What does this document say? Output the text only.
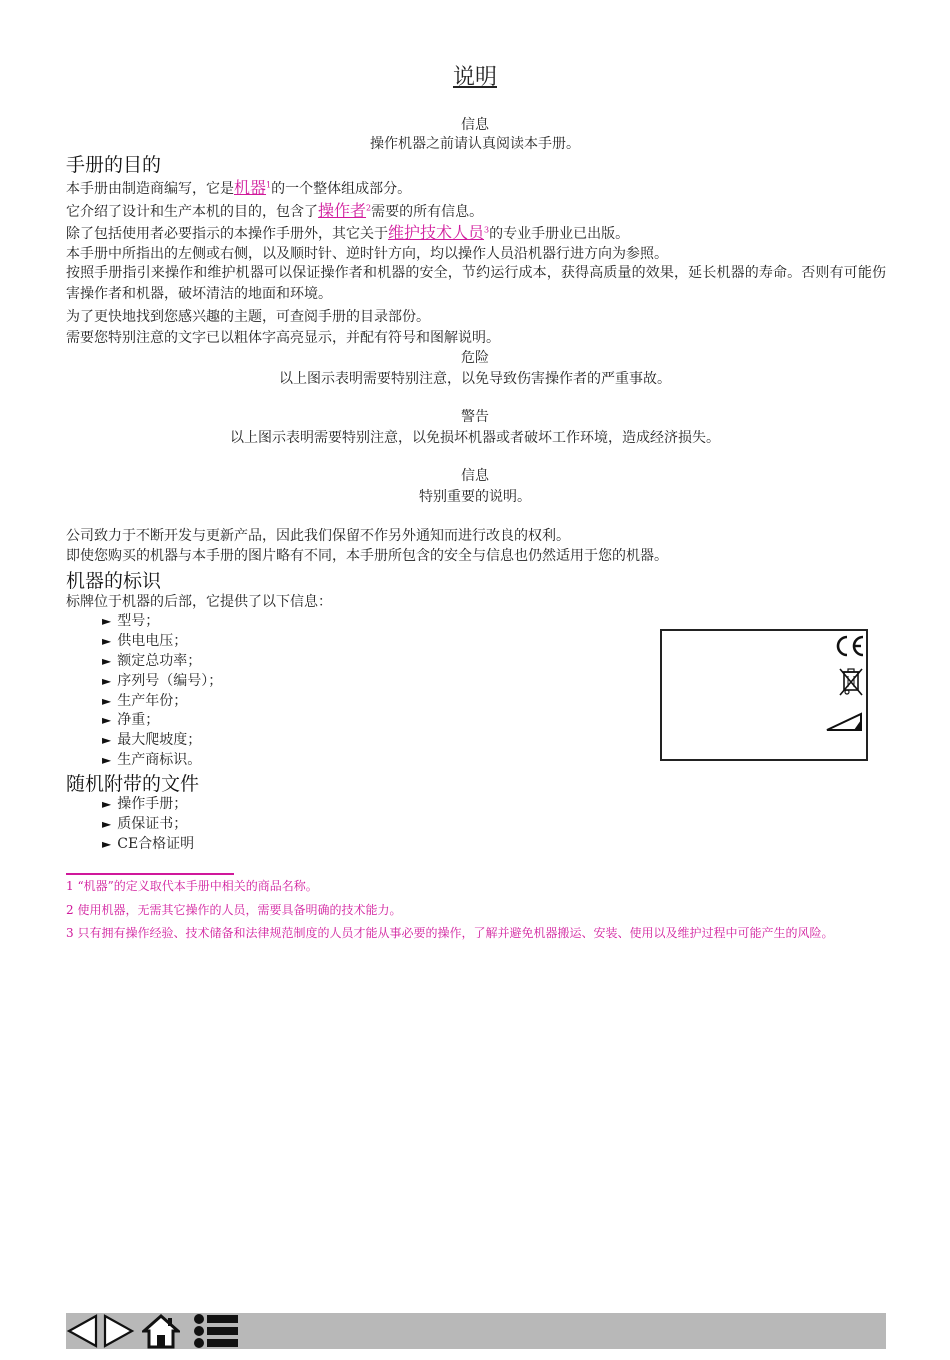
说明
信息
操作机器之前请认真阅读本手册。
手册的目的
本手册由制造商编写，它是机器$^1$的一个整体组成部分。
它介绍了设计和生产本机的目的，包含了操作者$^2$需要的所有信息。
除了包括使用者必要指示的本操作手册外，其它关于维护技术人员$^3$的专业手册业已出版。
本手册中所指出的左侧或右侧，以及顺时针、逆时针方向，均以操作人员沿机器行进方向为参照。
按照手册指引来操作和维护机器可以保证操作者和机器的安全，节约运行成本，获得高质量的效果，延长机器的寿命。否则有可能伤害操作者和机器，破坏清洁的地面和环境。
为了更快地找到您感兴趣的主题，可查阅手册的目录部份。
需要您特别注意的文字已以粗体字高亮显示，并配有符号和图解说明。
危险
以上图示表明需要特别注意，以免导致伤害操作者的严重事故。
警告
以上图示表明需要特别注意，以免损坏机器或者破坏工作环境，造成经济损失。
信息
特别重要的说明。
公司致力于不断开发与更新产品，因此我们保留不作另外通知而进行改良的权利。
即使您购买的机器与本手册的图片略有不同，本手册所包含的安全与信息也仍然适用于您的机器。
机器的标识
标牌位于机器的后部，它提供了以下信息：
► 型号；
► 供电电压；
► 额定总功率；
► 序列号（编号）；
► 生产年份；
► 净重；
► 最大爬坡度；
► 生产商标识。
随机附带的文件
► 操作手册；
► 质保证书；
► CE合格证明
1 “机器”的定义取代本手册中相关的商品名称。
2 使用机器，无需其它操作的人员，需要具备明确的技术能力。
3 只有拥有操作经验、技术储备和法律规范制度的人员才能从事必要的操作，了解并避免机器搬运、安装、使用以及维护过程中可能产生的风险。
